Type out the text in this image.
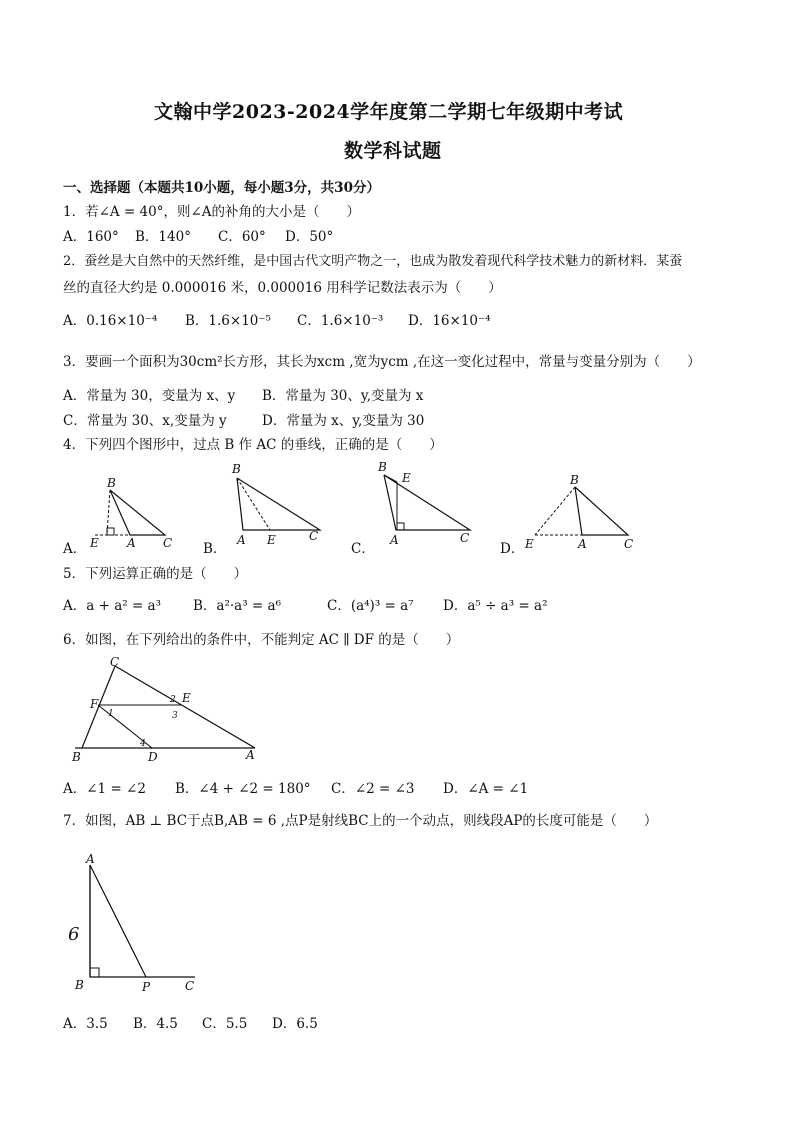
文翰中学2023-2024学年度第二学期七年级期中考试
数学科试题
一、选择题（本题共10小题，每小题3分，共30分）
1．若∠A = 40°，则∠A的补角的大小是（　　）
A．160° B．140° C．60° D．50°
2．蚕丝是大自然中的天然纤维，是中国古代文明产物之一，也成为散发着现代科学技术魅力的新材料．某蚕
丝的直径大约是 0.000016 米，0.000016 用科学记数法表示为（　　）
A．0.16×10⁻⁴ B．1.6×10⁻⁵ C．1.6×10⁻³ D．16×10⁻⁴
3．要画一个面积为30cm²长方形，其长为xcm ,宽为ycm ,在这一变化过程中，常量与变量分别为（　　）
A．常量为 30，变量为 x、y B．常量为 30、y,变量为 x
C．常量为 30、x,变量为 y	D．常量为 x、y,变量为 30
4．下列四个图形中，过点 B 作 AC 的垂线，正确的是（　　）
A．
B
E A C B．
B
A E	C
C．
B
E
A	C
D．
B
E	A	C
5．下列运算正确的是（　　）
A．a + a² = a³ B．a²·a³ = a⁶	C．(a⁴)³ = a⁷ D．a⁵ ÷ a³ = a²
6．如图，在下列给出的条件中，不能判定 AC ∥ DF 的是（　　）
C
F	E
B	D	A
1
2
3
4
A．∠1 = ∠2 B．∠4 + ∠2 = 180° C．∠2 = ∠3 D．∠A = ∠1
7．如图，AB ⊥ BC于点B,AB = 6 ,点P是射线BC上的一个动点，则线段AP的长度可能是（　　）
A
B	P	C
6
A．3.5 B．4.5 C．5.5 D．6.5
